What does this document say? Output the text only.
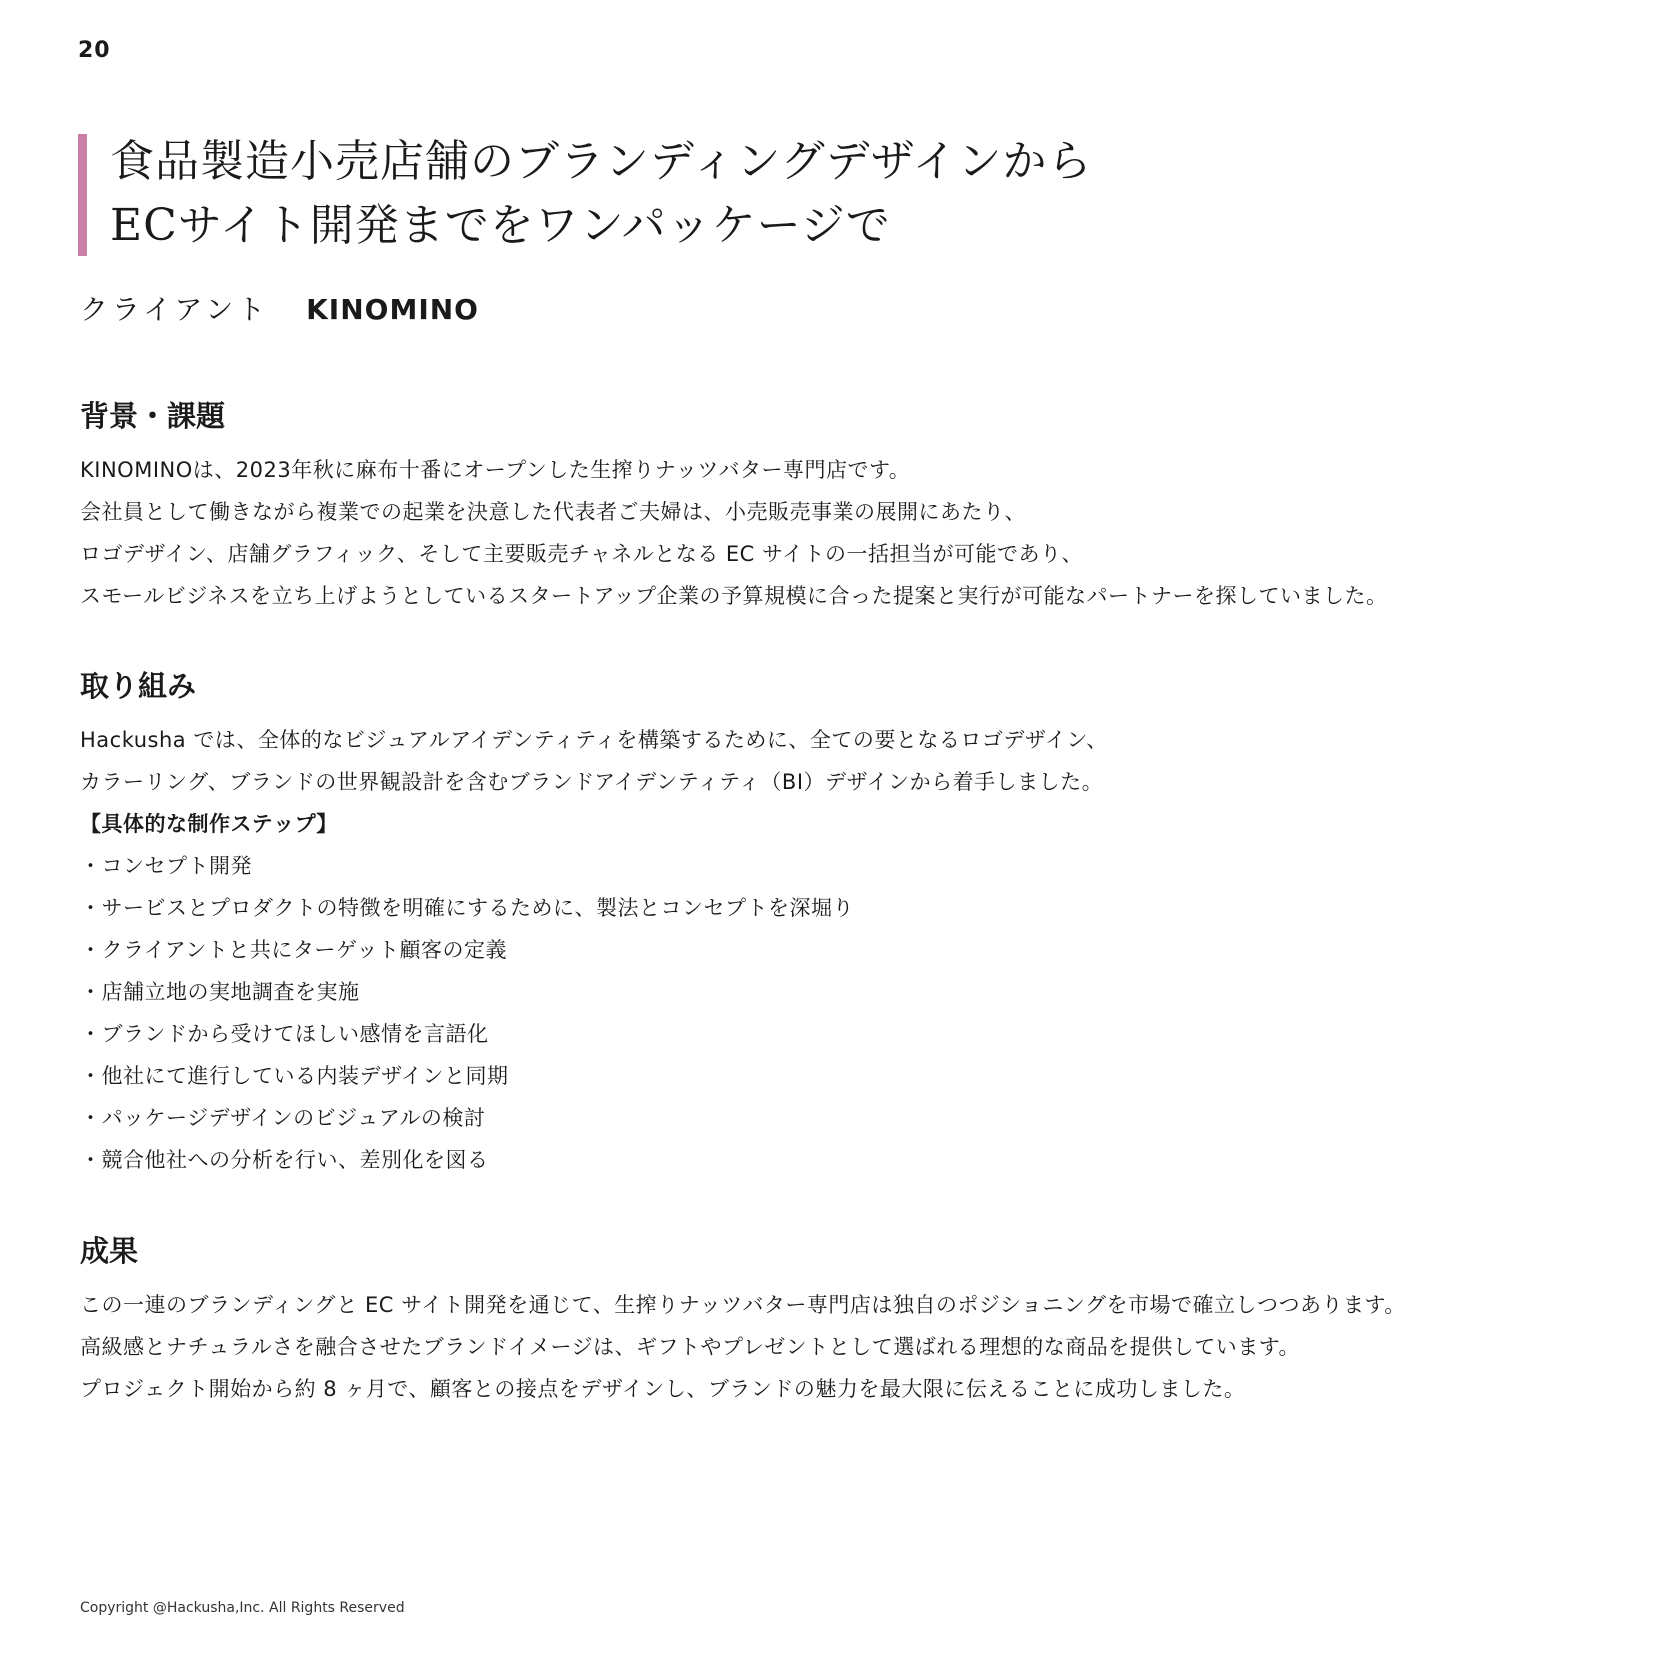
20
食品製造小売店舗のブランディングデザインから
ECサイト開発までをワンパッケージで
クライアント KINOMINO
背景・課題
KINOMINOは、2023年秋に麻布十番にオープンした生搾りナッツバター専門店です。
会社員として働きながら複業での起業を決意した代表者ご夫婦は、小売販売事業の展開にあたり、
ロゴデザイン、店舗グラフィック、そして主要販売チャネルとなる EC サイトの一括担当が可能であり、
スモールビジネスを立ち上げようとしているスタートアップ企業の予算規模に合った提案と実行が可能なパートナーを探していました。
取り組み
Hackusha では、全体的なビジュアルアイデンティティを構築するために、全ての要となるロゴデザイン、
カラーリング、ブランドの世界観設計を含むブランドアイデンティティ（BI）デザインから着手しました。
【具体的な制作ステップ】
・コンセプト開発
・サービスとプロダクトの特徴を明確にするために、製法とコンセプトを深堀り
・クライアントと共にターゲット顧客の定義
・店舗立地の実地調査を実施
・ブランドから受けてほしい感情を言語化
・他社にて進行している内装デザインと同期
・パッケージデザインのビジュアルの検討
・競合他社への分析を行い、差別化を図る
成果
この一連のブランディングと EC サイト開発を通じて、生搾りナッツバター専門店は独自のポジショニングを市場で確立しつつあります。
高級感とナチュラルさを融合させたブランドイメージは、ギフトやプレゼントとして選ばれる理想的な商品を提供しています。
プロジェクト開始から約 8 ヶ月で、顧客との接点をデザインし、ブランドの魅力を最大限に伝えることに成功しました。
Copyright @Hackusha,Inc. All Rights Reserved
